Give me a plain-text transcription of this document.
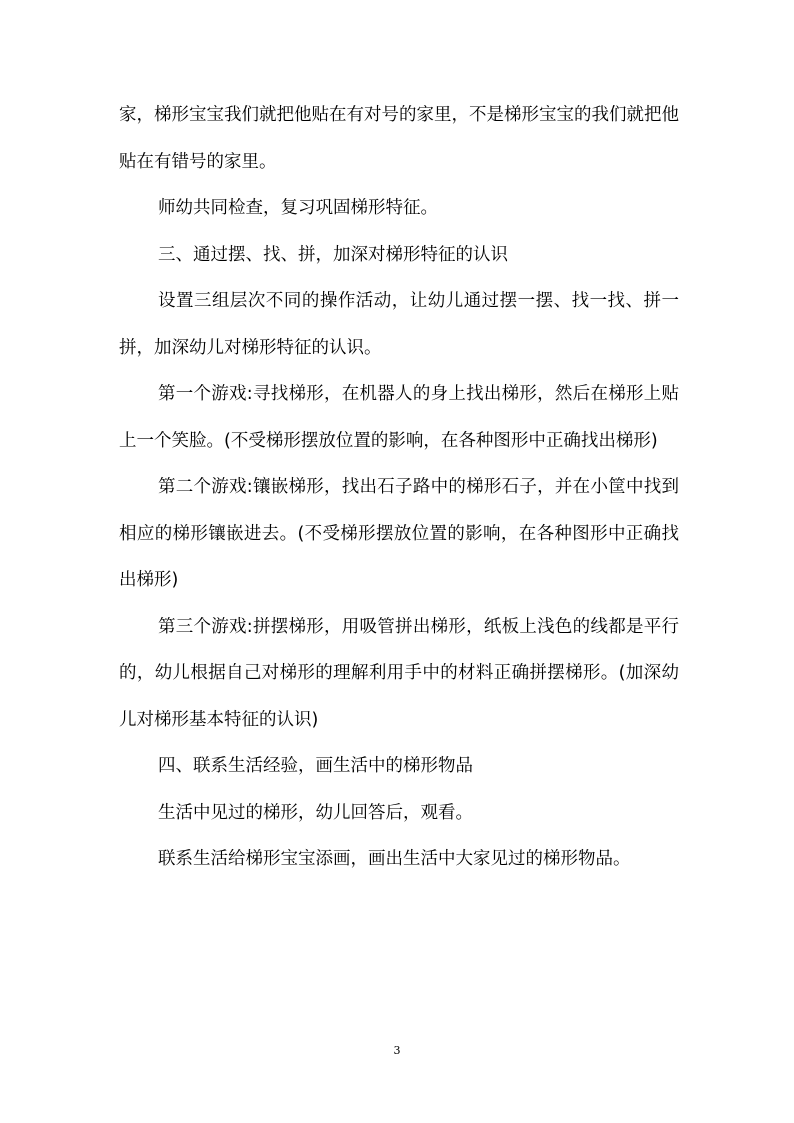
家，梯形宝宝我们就把他贴在有对号的家里，不是梯形宝宝的我们就把他贴在有错号的家里。

师幼共同检查，复习巩固梯形特征。

三、通过摆、找、拼，加深对梯形特征的认识

设置三组层次不同的操作活动，让幼儿通过摆一摆、找一找、拼一拼，加深幼儿对梯形特征的认识。

第一个游戏:寻找梯形，在机器人的身上找出梯形，然后在梯形上贴上一个笑脸。(不受梯形摆放位置的影响，在各种图形中正确找出梯形)

第二个游戏:镶嵌梯形，找出石子路中的梯形石子，并在小筐中找到相应的梯形镶嵌进去。(不受梯形摆放位置的影响，在各种图形中正确找出梯形)

第三个游戏:拼摆梯形，用吸管拼出梯形，纸板上浅色的线都是平行的，幼儿根据自己对梯形的理解利用手中的材料正确拼摆梯形。(加深幼儿对梯形基本特征的认识)

四、联系生活经验，画生活中的梯形物品

生活中见过的梯形，幼儿回答后，观看。

联系生活给梯形宝宝添画，画出生活中大家见过的梯形物品。

3
